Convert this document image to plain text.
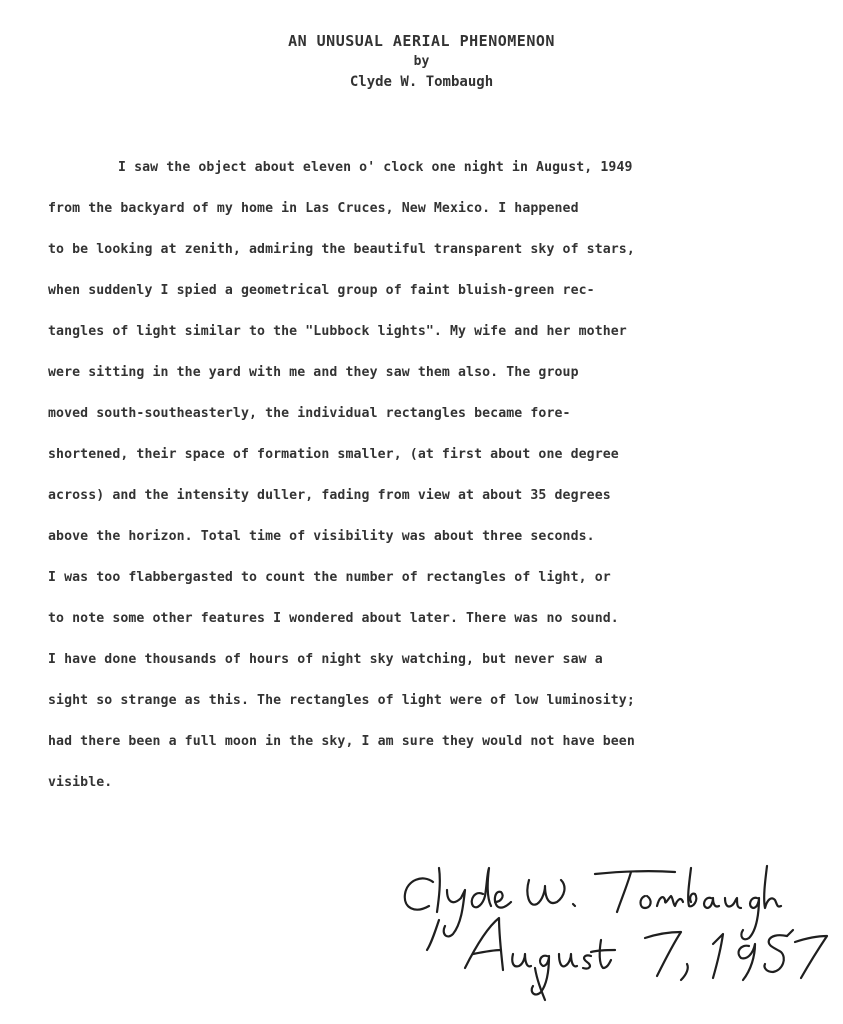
AN UNUSUAL AERIAL PHENOMENON
by
Clyde W. Tombaugh
I saw the object about eleven o' clock one night in August, 1949
from the backyard of my home in Las Cruces, New Mexico. I happened
to be looking at zenith, admiring the beautiful transparent sky of stars,
when suddenly I spied a geometrical group of faint bluish-green rec-
tangles of light similar to the "Lubbock lights". My wife and her mother
were sitting in the yard with me and they saw them also. The group
moved south-southeasterly, the individual rectangles became fore-
shortened, their space of formation smaller, (at first about one degree
across) and the intensity duller, fading from view at about 35 degrees
above the horizon. Total time of visibility was about three seconds.
I was too flabbergasted to count the number of rectangles of light, or
to note some other features I wondered about later. There was no sound.
I have done thousands of hours of night sky watching, but never saw a
sight so strange as this. The rectangles of light were of low luminosity;
had there been a full moon in the sky, I am sure they would not have been
visible.
